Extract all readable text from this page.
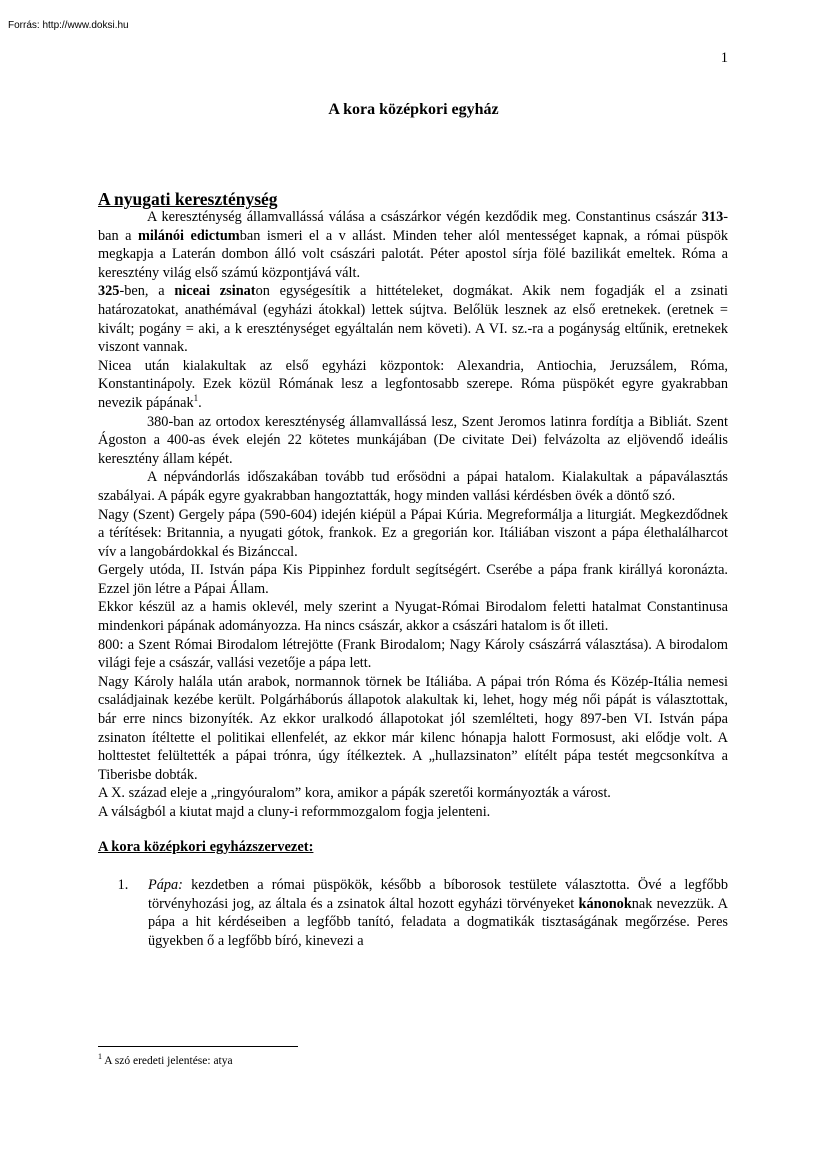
Forrás: http://www.doksi.hu
1
A kora középkori egyház
A nyugati kereszténység

A kereszténység államvallássá válása a császárkor végén kezdődik meg. Constantinus császár 313-ban a milánói edictumban ismeri el a v allást. Minden teher alól mentességet kapnak, a római püspök megkapja a Laterán dombon álló volt császári palotát. Péter apostol sírja fölé bazilikát emeltek. Róma a keresztény világ első számú központjává vált.

325-ben, a niceai zsinaton egységesítik a hittételeket, dogmákat. Akik nem fogadják el a zsinati határozatokat, anathémával (egyházi átokkal) lettek sújtva. Belőlük lesznek az első eretnekek. (eretnek = kivált; pogány = aki, a k ereszténységet egyáltalán nem követi). A VI. sz.-ra a pogányság eltűnik, eretnekek viszont vannak.

Nicea után kialakultak az első egyházi központok: Alexandria, Antiochia, Jeruzsálem, Róma, Konstantinápoly. Ezek közül Rómának lesz a legfontosabb szerepe. Róma püspökét egyre gyakrabban nevezik pápának$^1$.

380-ban az ortodox kereszténység államvallássá lesz, Szent Jeromos latinra fordítja a Bibliát. Szent Ágoston a 400-as évek elején 22 kötetes munkájában (De civitate Dei) felvázolta az eljövendő ideális keresztény állam képét.

A népvándorlás időszakában tovább tud erősödni a pápai hatalom. Kialakultak a pápaválasztás szabályai. A pápák egyre gyakrabban hangoztatták, hogy minden vallási kérdésben övék a döntő szó.

Nagy (Szent) Gergely pápa (590-604) idején kiépül a Pápai Kúria. Megreformálja a liturgiát. Megkezdődnek a térítések: Britannia, a nyugati gótok, frankok. Ez a gregorián kor. Itáliában viszont a pápa élethalálharcot vív a langobárdokkal és Bizánccal.

Gergely utóda, II. István pápa Kis Pippinhez fordult segítségért. Cserébe a pápa frank királlyá koronázta. Ezzel jön létre a Pápai Állam.

Ekkor készül az a hamis oklevél, mely szerint a Nyugat-Római Birodalom feletti hatalmat Constantinusa mindenkori pápának adományozza. Ha nincs császár, akkor a császári hatalom is őt illeti.

800: a Szent Római Birodalom létrejötte (Frank Birodalom; Nagy Károly császárrá választása). A birodalom világi feje a császár, vallási vezetője a pápa lett.

Nagy Károly halála után arabok, normannok törnek be Itáliába. A pápai trón Róma és Közép-Itália nemesi családjainak kezébe került. Polgárháborús állapotok alakultak ki, lehet, hogy még női pápát is választottak, bár erre nincs bizonyíték. Az ekkor uralkodó állapotokat jól szemlélteti, hogy 897-ben VI. István pápa zsinaton ítéltette el politikai ellenfelét, az ekkor már kilenc hónapja halott Formosust, aki elődje volt. A holttestet felültették a pápai trónra, úgy ítélkeztek. A „hullazsinaton” elítélt pápa testét megcsonkítva a Tiberisbe dobták.

A X. század eleje a „ringyóuralom” kora, amikor a pápák szeretői kormányozták a várost.

A válságból a kiutat majd a cluny-i reformmozgalom fogja jelenteni.

A kora középkori egyházszervezet:
1.	Pápa: kezdetben a római püspökök, később a bíborosok testülete választotta. Övé a legfőbb törvényhozási jog, az általa és a zsinatok által hozott egyházi törvényeket kánonoknak nevezzük. A pápa a hit kérdéseiben a legfőbb tanító, feladata a dogmatikák tisztaságának megőrzése. Peres ügyekben ő a legfőbb bíró, kinevezi a
$^1$ A szó eredeti jelentése: atya
